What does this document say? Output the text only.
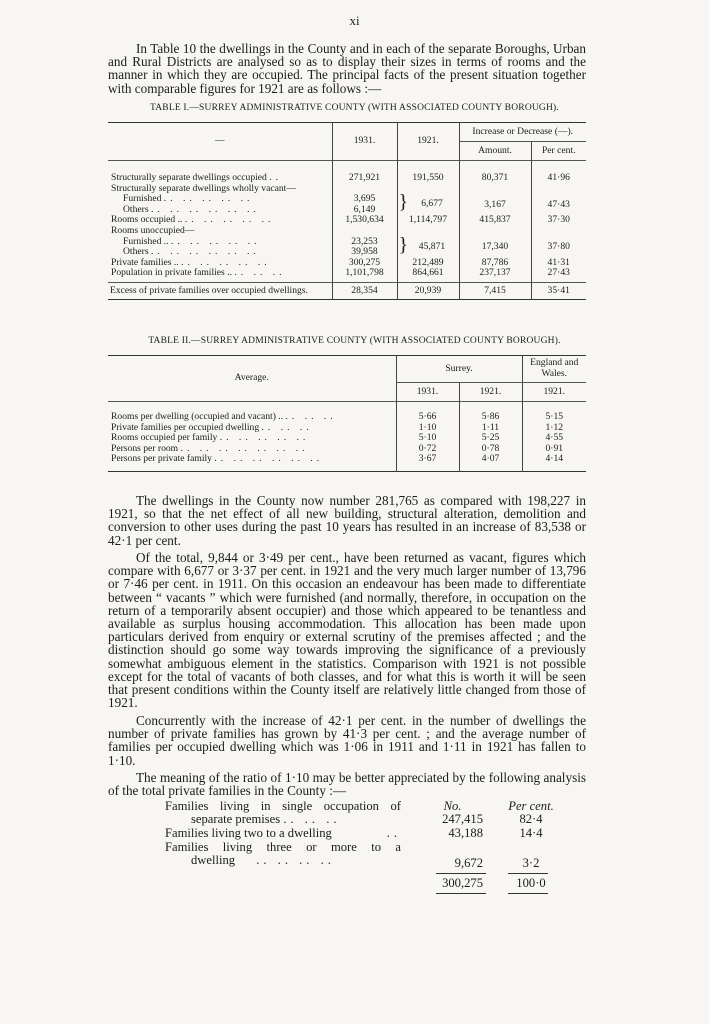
xi

In Table 10 the dwellings in the County and in each of the separate Boroughs, Urban and Rural Districts are analysed so as to display their sizes in terms of rooms and the manner in which they are occupied. The principal facts of the present situation together with comparable figures for 1921 are as follows :—

TABLE I.—SURREY ADMINISTRATIVE COUNTY (WITH ASSOCIATED COUNTY BOROUGH).
—	1931.	1921.	Increase or Decrease (—).	
			Amount.	Per cent.

Structurally separate dwellings occupied ..	271,921	191,550	80,371	41·96
Structurally separate dwellings wholly vacant—				
Furnished .. .. .. .. ..	3,695	} 6,677		

Others .. .. .. .. .. ..	6,149		3,167	47·43
Rooms occupied .. .. .. .. .. ..	1,530,634	1,114,797	415,837	37·30
Rooms unoccupied—				
Furnished .. .. .. .. .. ..	23,253	} 45,871		

Others .. .. .. .. .. ..	39,958		17,340	37·80
Private families .. .. .. .. .. ..	300,275	212,489	87,786	41·31
Population in private families .. .. .. ..	1,101,798	864,661	237,137	27·43
Excess of private families over occupied dwellings.	28,354	20,939	7,415	35·41
TABLE II.—SURREY ADMINISTRATIVE COUNTY (WITH ASSOCIATED COUNTY BOROUGH).
Average.	Surrey.		England and Wales.
	1931.	1921.	1921.

Rooms per dwelling (occupied and vacant) .. .. .. ..	5·66	5·86	5·15
Private families per occupied dwelling .. .. ..	1·10	1·11	1·12
Rooms occupied per family .. .. .. .. ..	5·10	5·25	4·55
Persons per room .. .. .. .. .. .. ..	0·72	0·78	0·91
Persons per private family .. .. .. .. .. ..	3·67	4·07	4·14

The dwellings in the County now number 281,765 as compared with 198,227 in 1921, so that the net effect of all new building, structural alteration, demolition and conversion to other uses during the past 10 years has resulted in an increase of 83,538 or 42·1 per cent.

Of the total, 9,844 or 3·49 per cent., have been returned as vacant, figures which compare with 6,677 or 3·37 per cent. in 1921 and the very much larger number of 13,796 or 7·46 per cent. in 1911. On this occasion an endeavour has been made to differentiate between “ vacants ” which were furnished (and normally, therefore, in occupation on the return of a temporarily absent occupier) and those which appeared to be tenantless and available as surplus housing accommodation. This allocation has been made upon particulars derived from enquiry or external scrutiny of the premises affected ; and the distinction should go some way towards improving the significance of a previously somewhat ambiguous element in the statistics. Comparison with 1921 is not possible except for the total of vacants of both classes, and for what this is worth it will be seen that present conditions within the County itself are relatively little changed from those of 1921.

Concurrently with the increase of 42·1 per cent. in the number of dwellings the number of private families has grown by 41·3 per cent. ; and the average number of families per occupied dwelling which was 1·06 in 1911 and 1·11 in 1921 has fallen to 1·10.

The meaning of the ratio of 1·10 may be better appreciated by the following analysis of the total private families in the County :—

No.	Per cent.
Families living in single occupation of
separate premises .. .. ..	247,415	82·4
Families living two to a dwelling	..	43,188	14·4
Families living three or more to a
dwelling .. .. .. ..	9,672	3·2
300,275	100·0
